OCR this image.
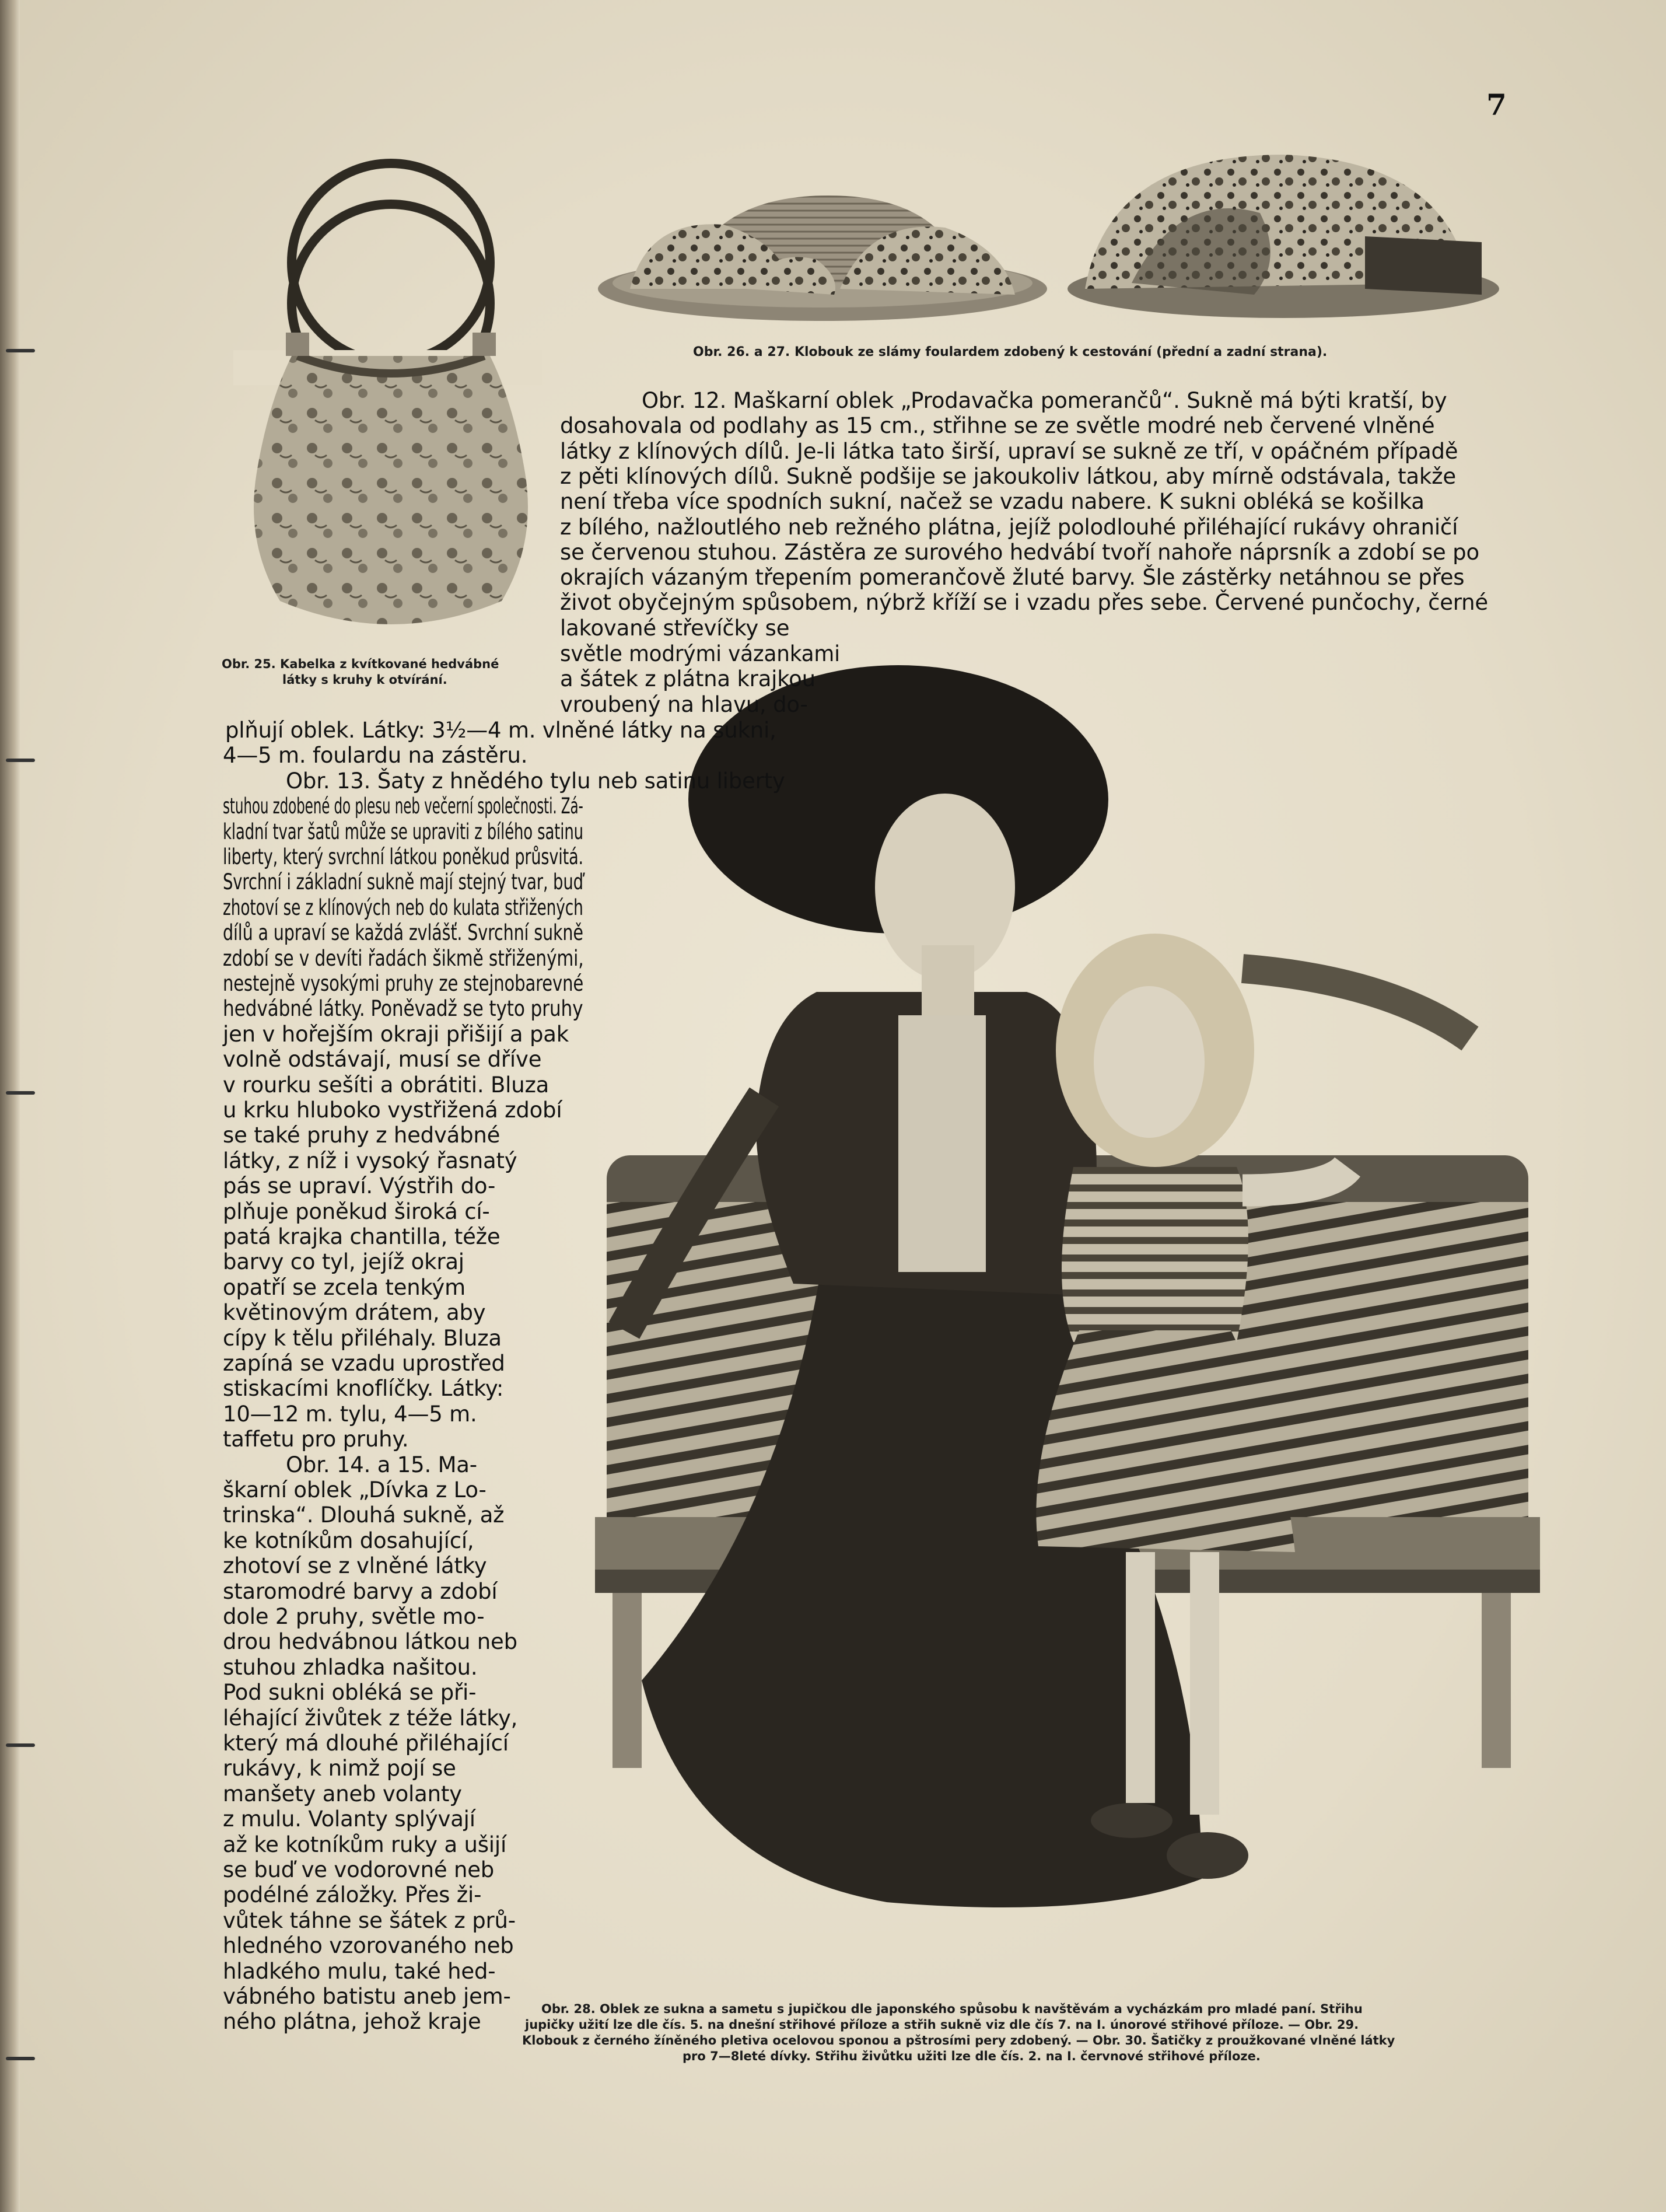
7
Obr. 26. a 27. Klobouk ze slámy foulardem zdobený k cestování (přední a zadní strana).
Obr. 25. Kabelka z kvítkované hedvábné
látky s kruhy k otvírání.
Obr. 28. Oblek ze sukna a sametu s jupičkou dle japonského spůsobu k navštěvám a vycházkám pro mladé paní. Střihu
jupičky užití lze dle čís. 5. na dnešní střihové příloze a střih sukně viz dle čís 7. na I. únorové střihové příloze. — Obr. 29.
Klobouk z černého žíněného pletiva ocelovou sponou a pštrosími pery zdobený. — Obr. 30. Šatičky z proužkované vlněné látky
pro 7—8leté dívky. Střihu živůtku užiti lze dle čís. 2. na I. červnové střihové příloze.
Obr. 12. Maškarní oblek „Prodavačka pomerančů“. Sukně má býti kratší, by
dosahovala od podlahy as 15 cm., střihne se ze světle modré neb červené vlněné
látky z klínových dílů. Je-li látka tato širší, upraví se sukně ze tří, v opáčném případě
z pěti klínových dílů. Sukně podšije se jakoukoliv látkou, aby mírně odstávala, takže
není třeba více spodních sukní, načež se vzadu nabere. K sukni obléká se košilka
z bílého, nažloutlého neb režného plátna, jejíž polodlouhé přiléhající rukávy ohraničí
se červenou stuhou. Zástěra ze surového hedvábí tvoří nahoře náprsník a zdobí se po
okrajích vázaným třepením pomerančově žluté barvy. Šle zástěrky netáhnou se přes
život obyčejným spůsobem, nýbrž kříží se i vzadu přes sebe. Červené punčochy, černé
lakované střevíčky se
světle modrými vázankami
a šátek z plátna krajkou
vroubený na hlavu, do-
plňují oblek. Látky: 3½—4 m. vlněné látky na sukni,
4—5 m. foulardu na zástěru.
Obr. 13. Šaty z hnědého tylu neb satinu liberty
stuhou zdobené do plesu neb večerní společnosti. Zá-
kladní tvar šatů může se upraviti z bílého satinu
liberty, který svrchní látkou poněkud průsvitá.
Svrchní i základní sukně mají stejný tvar, buď
zhotoví se z klínových neb do kulata střižených
dílů a upraví se každá zvlášť. Svrchní sukně
zdobí se v devíti řadách šikmě střiženými,
nestejně vysokými pruhy ze stejnobarevné
hedvábné látky. Poněvadž se tyto pruhy
jen v hořejším okraji přišijí a pak
volně odstávají, musí se dříve
v rourku sešíti a obrátiti. Bluza
u krku hluboko vystřižená zdobí
se také pruhy z hedvábné
látky, z níž i vysoký řasnatý
pás se upraví. Výstřih do-
plňuje poněkud široká cí-
patá krajka chantilla, téže
barvy co tyl, jejíž okraj
opatří se zcela tenkým
květinovým drátem, aby
cípy k tělu přiléhaly. Bluza
zapíná se vzadu uprostřed
stiskacími knoflíčky. Látky:
10—12 m. tylu, 4—5 m.
taffetu pro pruhy.
Obr. 14. a 15. Ma-
škarní oblek „Dívka z Lo-
trinska“. Dlouhá sukně, až
ke kotníkům dosahující,
zhotoví se z vlněné látky
staromodré barvy a zdobí
dole 2 pruhy, světle mo-
drou hedvábnou látkou neb
stuhou zhladka našitou.
Pod sukni obléká se při-
léhající živůtek z téže látky,
který má dlouhé přiléhající
rukávy, k nimž pojí se
manšety aneb volanty
z mulu. Volanty splývají
až ke kotníkům ruky a ušijí
se buď ve vodorovné neb
podélné záložky. Přes ži-
vůtek táhne se šátek z prů-
hledného vzorovaného neb
hladkého mulu, také hed-
vábného batistu aneb jem-
ného plátna, jehož kraje
